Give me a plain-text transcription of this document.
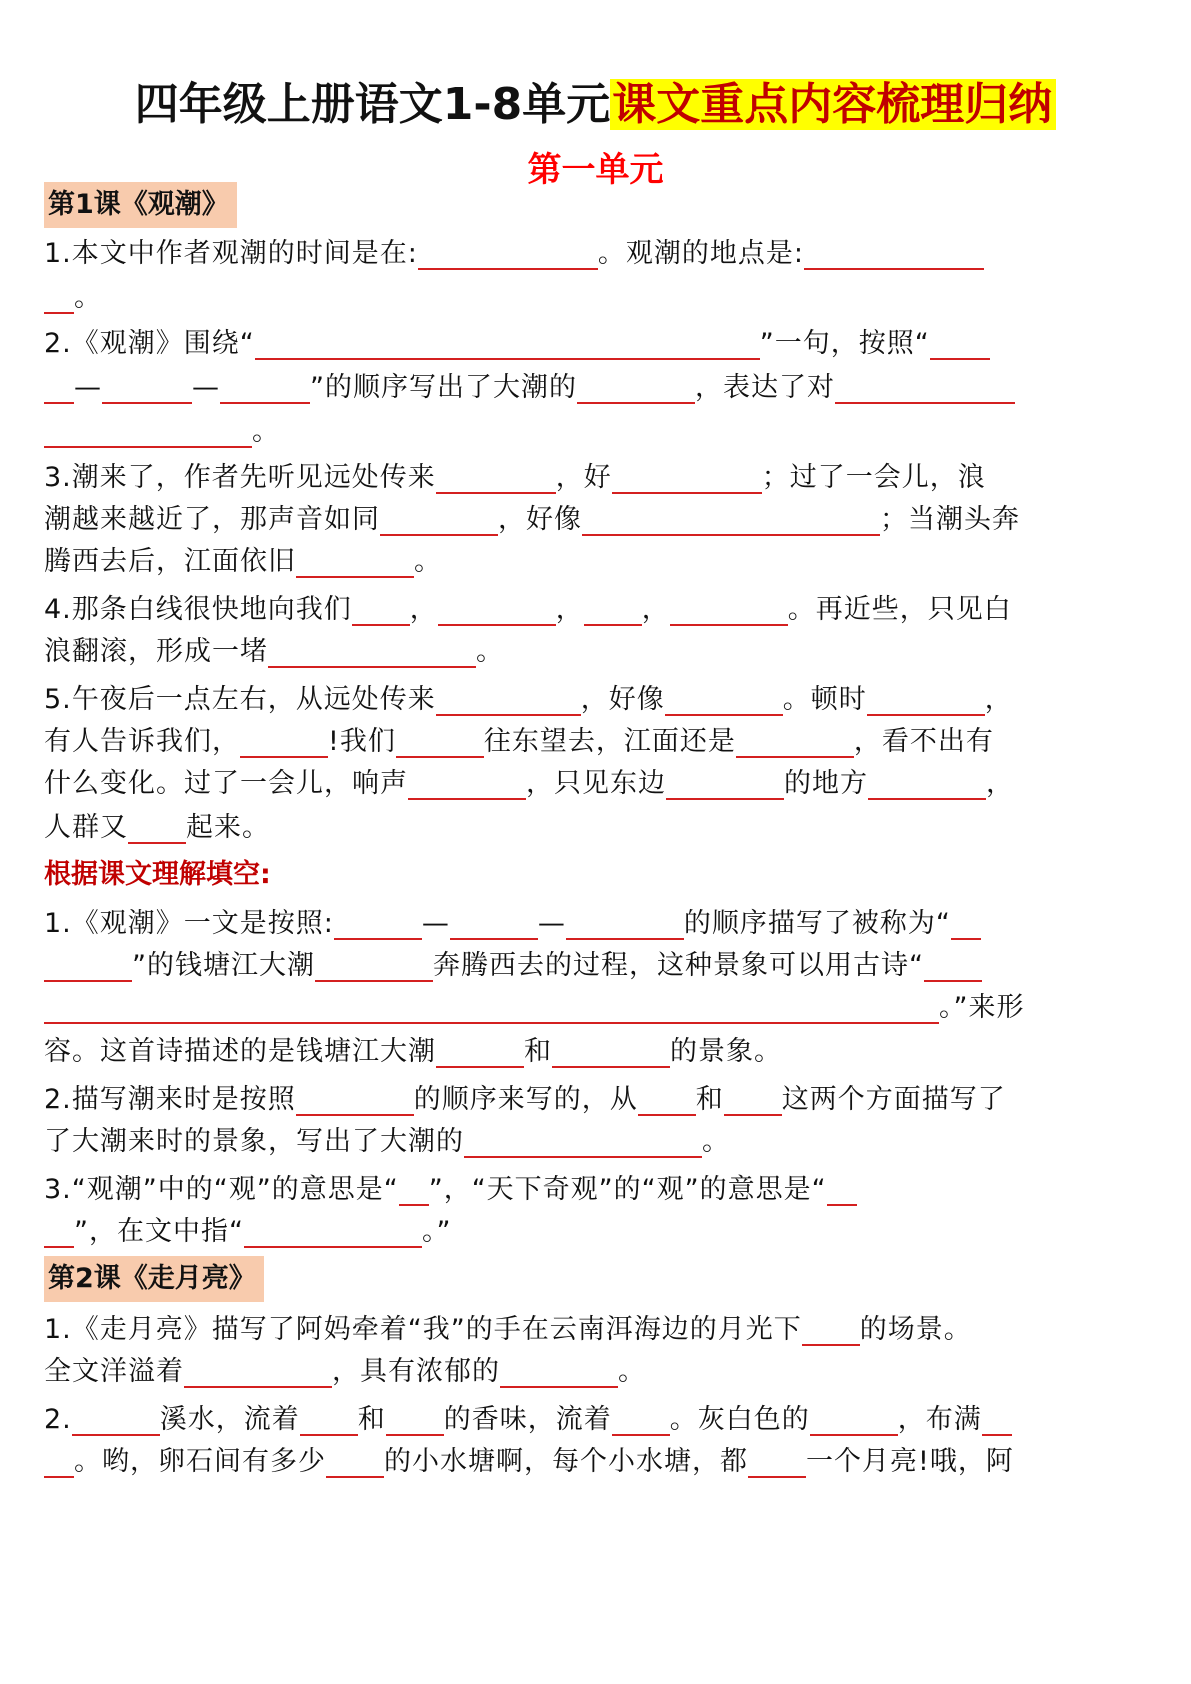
四年级上册语文1-8单元课文重点内容梳理归纳
第一单元
第1课《观潮》
第2课《走月亮》
根据课文理解填空:
1.本文中作者观潮的时间是在:	。观潮的地点是:
。
2.《观潮》围绕“	”一句，按照“
—	—	”的顺序写出了大潮的	，表达了对
。
3.潮来了，作者先听见远处传来	，好	；过了一会儿，浪
潮越来越近了，那声音如同	，好像	；当潮头奔
腾西去后，江面依旧	。
4.那条白线很快地向我们 ，	， ，	。再近些，只见白
浪翻滚，形成一堵	。
5.午夜后一点左右，从远处传来	，好像	。顿时	，
有人告诉我们，	!我们	往东望去，江面还是	，看不出有
什么变化。过了一会儿，响声	，只见东边	的地方	，
人群又 起来。
1.《观潮》一文是按照:	—	—	的顺序描写了被称为“
”的钱塘江大潮	奔腾西去的过程，这种景象可以用古诗“
。”来形
容。这首诗描述的是钱塘江大潮	和	的景象。
2.描写潮来时是按照	的顺序来写的，从 和 这两个方面描写了
了大潮来时的景象，写出了大潮的	。
3.“观潮”中的“观”的意思是“ ”，“天下奇观”的“观”的意思是“
”，在文中指“	。”
1.《走月亮》描写了阿妈牵着“我”的手在云南洱海边的月光下 的场景。
全文洋溢着	，具有浓郁的	。
2.	溪水，流着 和 的香味，流着 。灰白色的	，布满
。哟，卵石间有多少 的小水塘啊，每个小水塘，都 一个月亮!哦，阿
